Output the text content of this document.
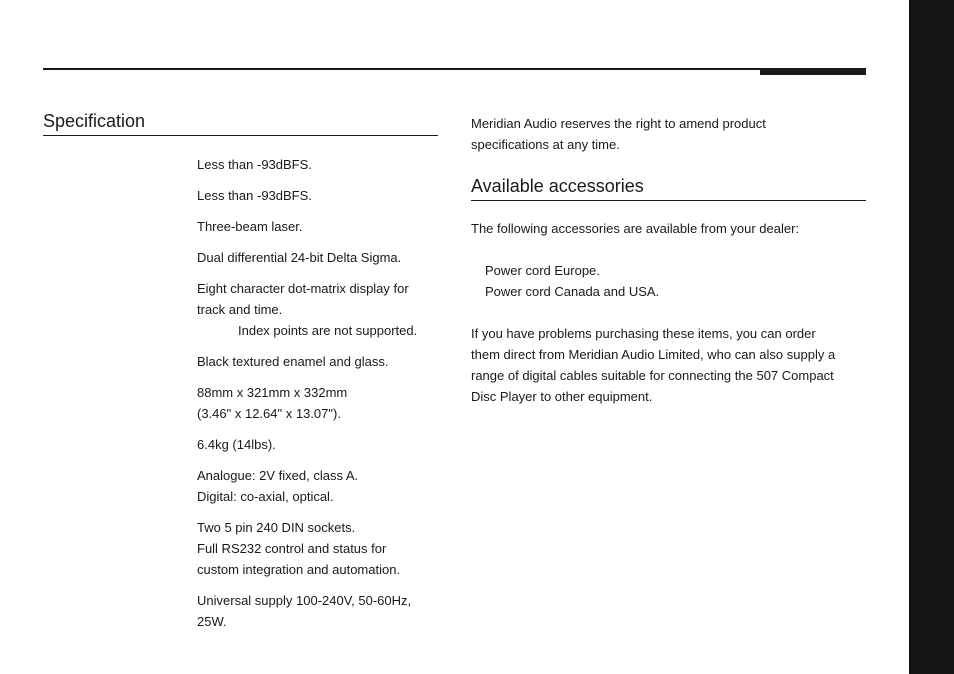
Specification
Less than -93dBFS.
Less than -93dBFS.
Three-beam laser.
Dual differential 24-bit Delta Sigma.
Eight character dot-matrix display for
track and time.
Index points are not supported.
Black textured enamel and glass.
88mm x 321mm x 332mm
(3.46" x 12.64" x 13.07").
6.4kg (14lbs).
Analogue: 2V fixed, class A.
Digital: co-axial, optical.
Two 5 pin 240 DIN sockets.
Full RS232 control and status for
custom integration and automation.
Universal supply 100-240V, 50-60Hz,
25W.

Meridian Audio reserves the right to amend product
specifications at any time.

Available accessories

The following accessories are available from your dealer:

Power cord Europe.
Power cord Canada and USA.

If you have problems purchasing these items, you can order
them direct from Meridian Audio Limited, who can also supply a
range of digital cables suitable for connecting the 507 Compact
Disc Player to other equipment.
